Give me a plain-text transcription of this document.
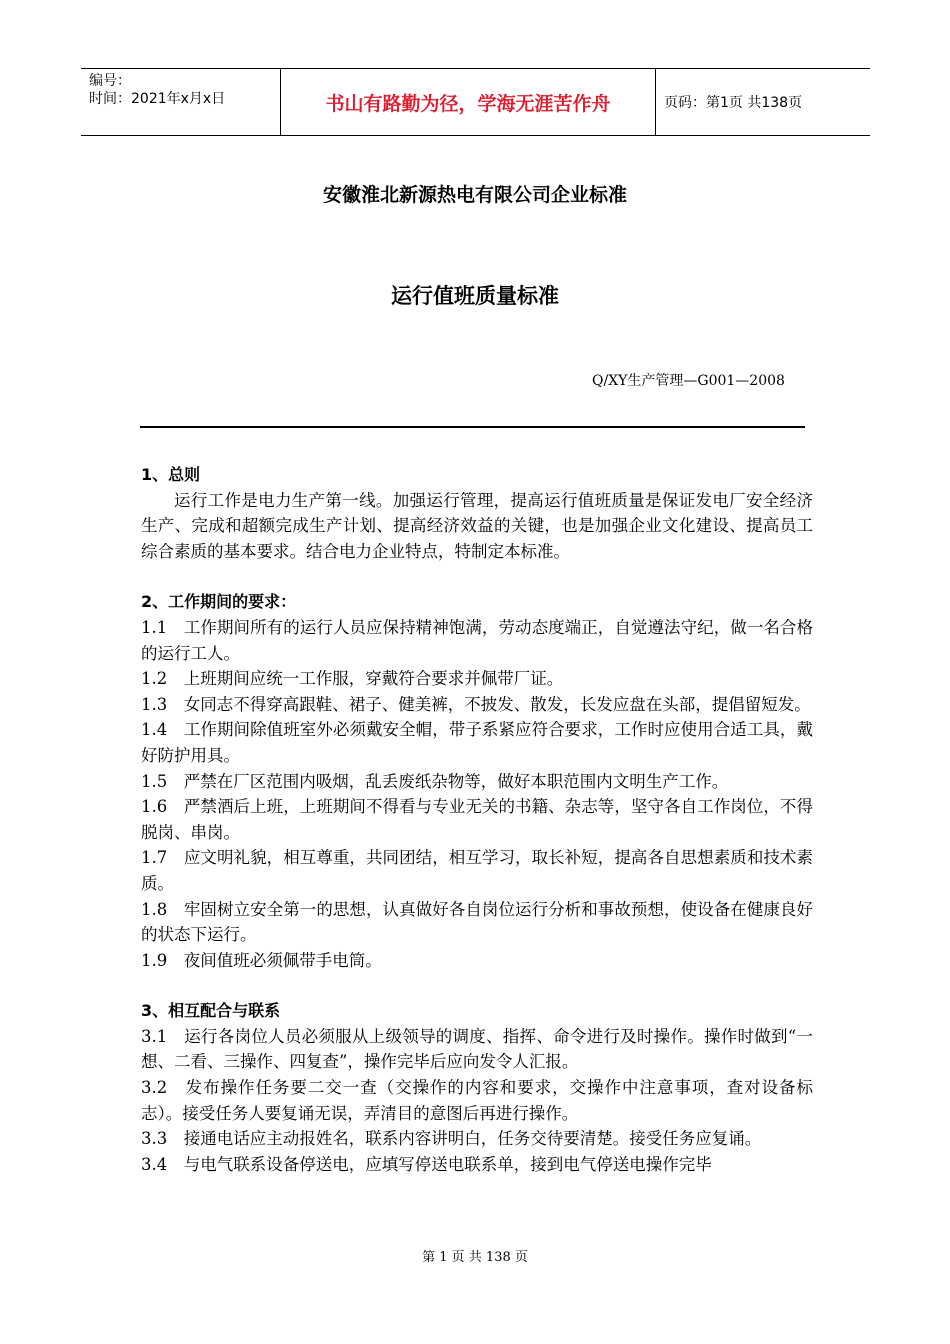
编号：
时间：2021年x月x日	书山有路勤为径，学海无涯苦作舟	页码：第1页 共138页
安徽淮北新源热电有限公司企业标准
运行值班质量标准
Q/XY生产管理—G001—2008
1、总则
运行工作是电力生产第一线。加强运行管理，提高运行值班质量是保证发电厂安全经济生产、完成和超额完成生产计划、提高经济效益的关键，也是加强企业文化建设、提高员工综合素质的基本要求。结合电力企业特点，特制定本标准。
2、工作期间的要求：
1.1　工作期间所有的运行人员应保持精神饱满，劳动态度端正，自觉遵法守纪，做一名合格的运行工人。
1.2　上班期间应统一工作服，穿戴符合要求并佩带厂证。
1.3　女同志不得穿高跟鞋、裙子、健美裤，不披发、散发，长发应盘在头部，提倡留短发。
1.4　工作期间除值班室外必须戴安全帽，带子系紧应符合要求，工作时应使用合适工具，戴好防护用具。
1.5　严禁在厂区范围内吸烟，乱丢废纸杂物等，做好本职范围内文明生产工作。
1.6　严禁酒后上班，上班期间不得看与专业无关的书籍、杂志等，坚守各自工作岗位，不得脱岗、串岗。
1.7　应文明礼貌，相互尊重，共同团结，相互学习，取长补短，提高各自思想素质和技术素质。
1.8　牢固树立安全第一的思想，认真做好各自岗位运行分析和事故预想，使设备在健康良好的状态下运行。
1.9　夜间值班必须佩带手电筒。
3、相互配合与联系
3.1　运行各岗位人员必须服从上级领导的调度、指挥、命令进行及时操作。操作时做到“一想、二看、三操作、四复查”，操作完毕后应向发令人汇报。
3.2　发布操作任务要二交一查（交操作的内容和要求，交操作中注意事项，查对设备标志）。接受任务人要复诵无误，弄清目的意图后再进行操作。
3.3　接通电话应主动报姓名，联系内容讲明白，任务交待要清楚。接受任务应复诵。
3.4　与电气联系设备停送电，应填写停送电联系单，接到电气停送电操作完毕
第 1 页 共 138 页
